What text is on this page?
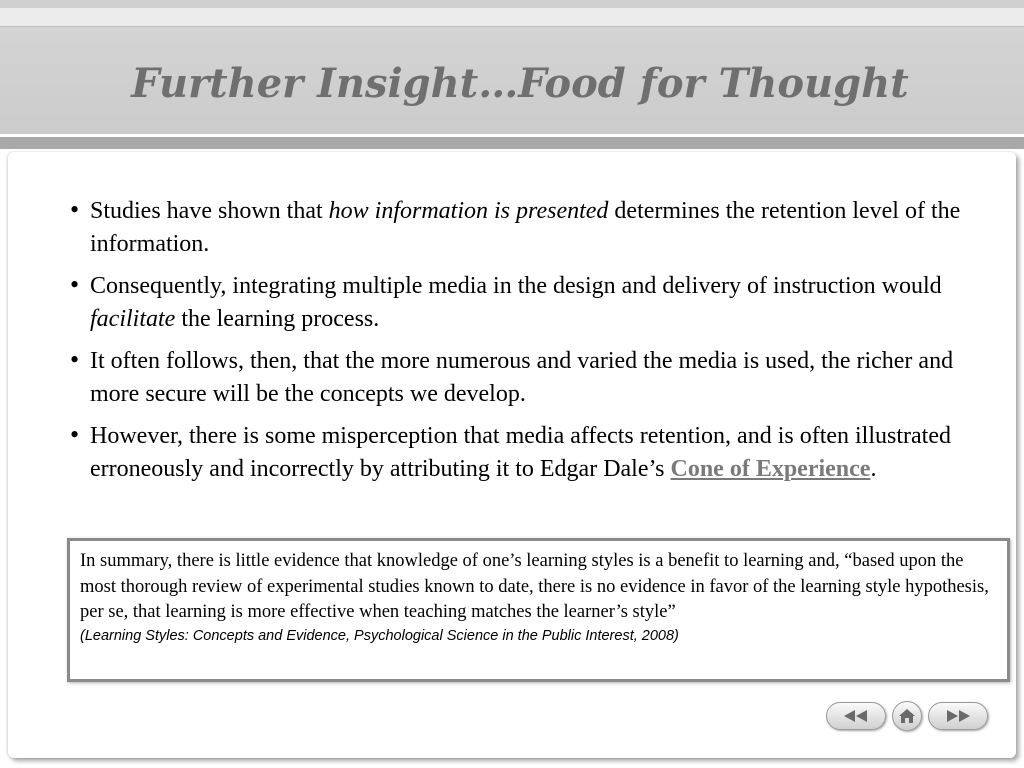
Further Insight…Food for Thought
• Studies have shown that how information is presented determines the retention level of the information.
• Consequently, integrating multiple media in the design and delivery of instruction would facilitate the learning process.
• It often follows, then, that the more numerous and varied the media is used, the richer and more secure will be the concepts we develop.
• However, there is some misperception that media affects retention, and is often illustrated erroneously and incorrectly by attributing it to Edgar Dale’s Cone of Experience.
In summary, there is little evidence that knowledge of one’s learning styles is a benefit to learning and, “based upon the most thorough review of experimental studies known to date, there is no evidence in favor of the learning style hypothesis, per se, that learning is more effective when teaching matches the learner’s style”
(Learning Styles: Concepts and Evidence, Psychological Science in the Public Interest, 2008)
